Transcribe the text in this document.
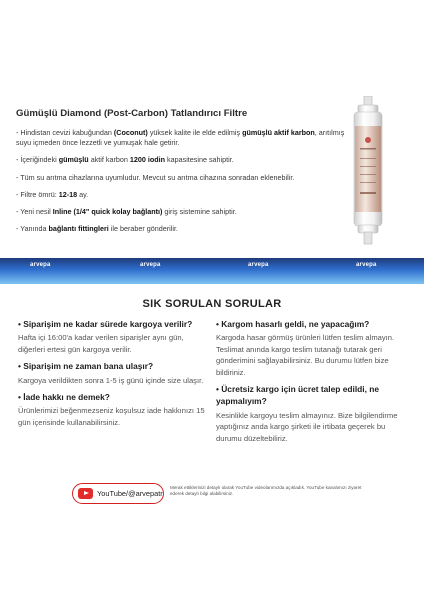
Gümüşlü Diamond (Post-Carbon) Tatlandırıcı Filtre
- Hindistan cevizi kabuğundan (Coconut) yüksek kalite ile elde edilmiş gümüşlü aktif karbon, arıtılmış suyu içmeden önce lezzetli ve yumuşak hale getirir.
- İçeriğindeki gümüşlü aktif karbon 1200 iodin kapasitesine sahiptir.
- Tüm su arıtma cihazlarına uyumludur. Mevcut su arıtma cihazına sonradan eklenebilir.
- Filtre ömrü: 12-18 ay.
- Yeni nesil Inline (1/4" quick kolay bağlantı) giriş sistemine sahiptir.
- Yanında bağlantı fittingleri ile beraber gönderilir.
arvepa	arvepa	arvepa	arvepa
SIK SORULAN SORULAR
• Siparişim ne kadar sürede kargoya verilir?
Hafta içi 16:00'a kadar verilen siparişler aynı gün, diğerleri ertesi gün kargoya verilir.
• Siparişim ne zaman bana ulaşır?
Kargoya verildikten sonra 1-5 iş günü içinde size ulaşır.
• İade hakkı ne demek?
Ürünlerimizi beğenmezseniz koşulsuz iade hakkınızı 15 gün içerisinde kullanabilirsiniz.
• Kargom hasarlı geldi, ne yapacağım?
Kargoda hasar görmüş ürünleri lütfen teslim almayın. Teslimat anında kargo teslim tutanağı tutarak geri gönderimini sağlayabilirsiniz. Bu durumu lütfen bize bildiriniz.
• Ücretsiz kargo için ücret talep edildi, ne yapmalıyım?
Kesinlikle kargoyu teslim almayınız. Bize bilgilendirme yaptığınız anda kargo şirketi ile irtibata geçerek bu durumu düzeltebiliriz.
YouTube/@arvepatr
Merak ettiklerinizi detaylı olarak YouTube videolarımızda açıkladık. YouTube kanalımızı ziyaret ederek detaylı bilgi alabilirsiniz.
